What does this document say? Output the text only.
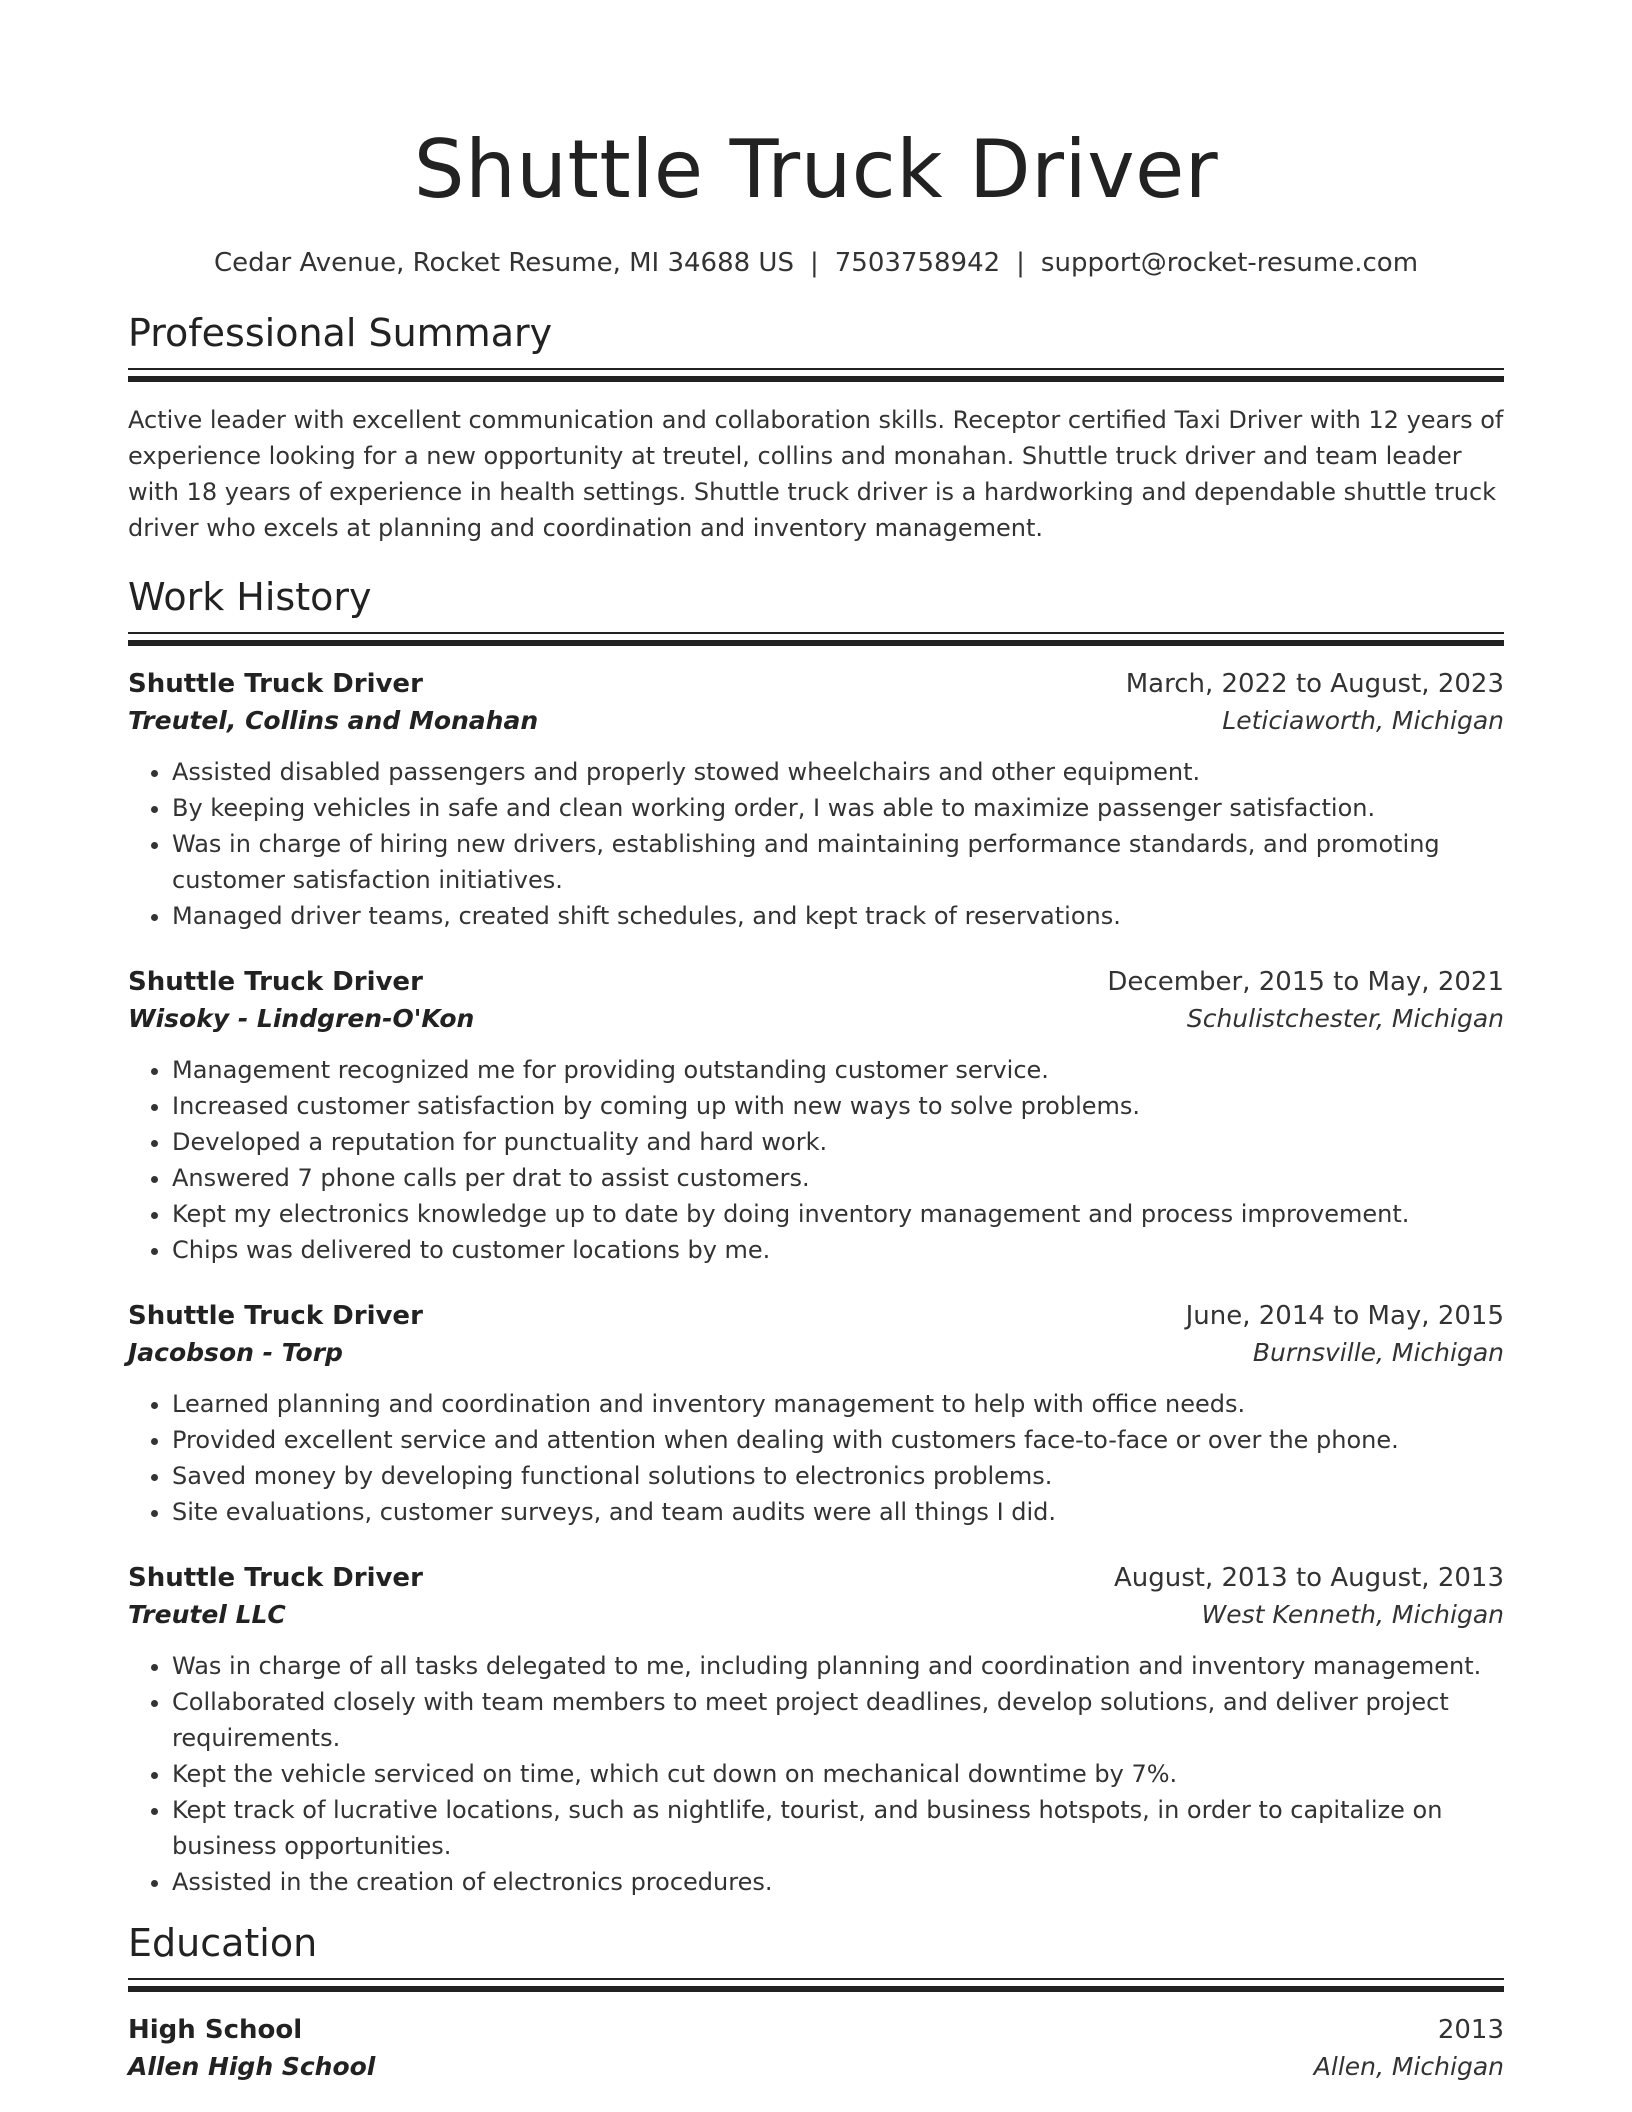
Shuttle Truck Driver
Cedar Avenue, Rocket Resume, MI 34688 US | 7503758942 | support@rocket-resume.com
Professional Summary
Active leader with excellent communication and collaboration skills. Receptor certified Taxi Driver with 12 years of experience looking for a new opportunity at treutel, collins and monahan. Shuttle truck driver and team leader with 18 years of experience in health settings. Shuttle truck driver is a hardworking and dependable shuttle truck driver who excels at planning and coordination and inventory management.
Work History
Shuttle Truck Driver	March, 2022 to August, 2023
Treutel, Collins and Monahan	Leticiaworth, Michigan
• Assisted disabled passengers and properly stowed wheelchairs and other equipment.
• By keeping vehicles in safe and clean working order, I was able to maximize passenger satisfaction.
• Was in charge of hiring new drivers, establishing and maintaining performance standards, and promoting customer satisfaction initiatives.
• Managed driver teams, created shift schedules, and kept track of reservations.
Shuttle Truck Driver	December, 2015 to May, 2021
Wisoky - Lindgren-O'Kon	Schulistchester, Michigan
• Management recognized me for providing outstanding customer service.
• Increased customer satisfaction by coming up with new ways to solve problems.
• Developed a reputation for punctuality and hard work.
• Answered 7 phone calls per drat to assist customers.
• Kept my electronics knowledge up to date by doing inventory management and process improvement.
• Chips was delivered to customer locations by me.
Shuttle Truck Driver	June, 2014 to May, 2015
Jacobson - Torp	Burnsville, Michigan
• Learned planning and coordination and inventory management to help with office needs.
• Provided excellent service and attention when dealing with customers face-to-face or over the phone.
• Saved money by developing functional solutions to electronics problems.
• Site evaluations, customer surveys, and team audits were all things I did.
Shuttle Truck Driver	August, 2013 to August, 2013
Treutel LLC	West Kenneth, Michigan
• Was in charge of all tasks delegated to me, including planning and coordination and inventory management.
• Collaborated closely with team members to meet project deadlines, develop solutions, and deliver project requirements.
• Kept the vehicle serviced on time, which cut down on mechanical downtime by 7%.
• Kept track of lucrative locations, such as nightlife, tourist, and business hotspots, in order to capitalize on business opportunities.
• Assisted in the creation of electronics procedures.
Education
High School	2013
Allen High School	Allen, Michigan
